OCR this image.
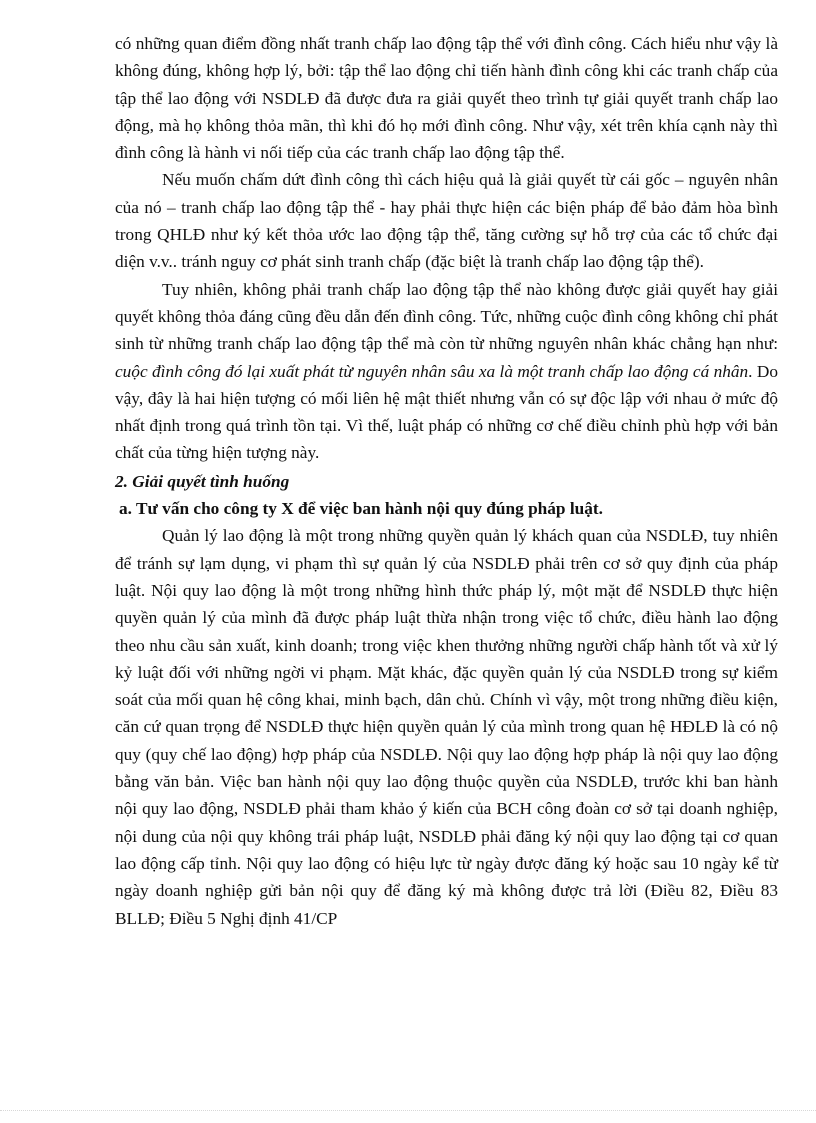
có những quan điểm đồng nhất tranh chấp lao động tập thể với đình công. Cách hiểu như vậy là không đúng, không hợp lý, bởi: tập thể lao động chỉ tiến hành đình công khi các tranh chấp của tập thể lao động với NSDLĐ đã được đưa ra giải quyết theo trình tự giải quyết tranh chấp lao động, mà họ không thỏa mãn, thì khi đó họ mới đình công. Như vậy, xét trên khía cạnh này thì đình công là hành vi nối tiếp của các tranh chấp lao động tập thể.

Nếu muốn chấm dứt đình công thì cách hiệu quả là giải quyết từ cái gốc – nguyên nhân của nó – tranh chấp lao động tập thể - hay phải thực hiện các biện pháp để bảo đảm hòa bình trong QHLĐ như ký kết thỏa ước lao động tập thể, tăng cường sự hỗ trợ của các tổ chức đại diện v.v.. tránh nguy cơ phát sinh tranh chấp (đặc biệt là tranh chấp lao động tập thể).

Tuy nhiên, không phải tranh chấp lao động tập thể nào không được giải quyết hay giải quyết không thỏa đáng cũng đều dẫn đến đình công. Tức, những cuộc đình công không chỉ phát sinh từ những tranh chấp lao động tập thể mà còn từ những nguyên nhân khác chẳng hạn như: cuộc đình công đó lại xuất phát từ nguyên nhân sâu xa là một tranh chấp lao động cá nhân. Do vậy, đây là hai hiện tượng có mối liên hệ mật thiết nhưng vẫn có sự độc lập với nhau ở mức độ nhất định trong quá trình tồn tại. Vì thế, luật pháp có những cơ chế điều chỉnh phù hợp với bản chất của từng hiện tượng này.

2. Giải quyết tình huống
a. Tư vấn cho công ty X để việc ban hành nội quy đúng pháp luật.

Quản lý lao động là một trong những quyền quản lý khách quan của NSDLĐ, tuy nhiên để tránh sự lạm dụng, vi phạm thì sự quản lý của NSDLĐ phải trên cơ sở quy định của pháp luật. Nội quy lao động là một trong những hình thức pháp lý, một mặt để NSDLĐ thực hiện quyền quản lý của mình đã được pháp luật thừa nhận trong việc tổ chức, điều hành lao động theo nhu cầu sản xuất, kinh doanh; trong việc khen thưởng những người chấp hành tốt và xử lý kỷ luật đối với những ngời vi phạm. Mặt khác, đặc quyền quản lý của NSDLĐ trong sự kiểm soát của mối quan hệ công khai, minh bạch, dân chủ. Chính vì vậy, một trong những điều kiện, căn cứ quan trọng để NSDLĐ thực hiện quyền quản lý của mình trong quan hệ HĐLĐ là có nộ quy (quy chế lao động) hợp pháp của NSDLĐ. Nội quy lao động hợp pháp là nội quy lao động bằng văn bản. Việc ban hành nội quy lao động thuộc quyền của NSDLĐ, trước khi ban hành nội quy lao động, NSDLĐ phải tham khảo ý kiến của BCH công đoàn cơ sở tại doanh nghiệp, nội dung của nội quy không trái pháp luật, NSDLĐ phải đăng ký nội quy lao động tại cơ quan lao động cấp tỉnh. Nội quy lao động có hiệu lực từ ngày được đăng ký hoặc sau 10 ngày kể từ ngày doanh nghiệp gửi bản nội quy để đăng ký mà không được trả lời (Điều 82, Điều 83 BLLĐ; Điều 5 Nghị định 41/CP
